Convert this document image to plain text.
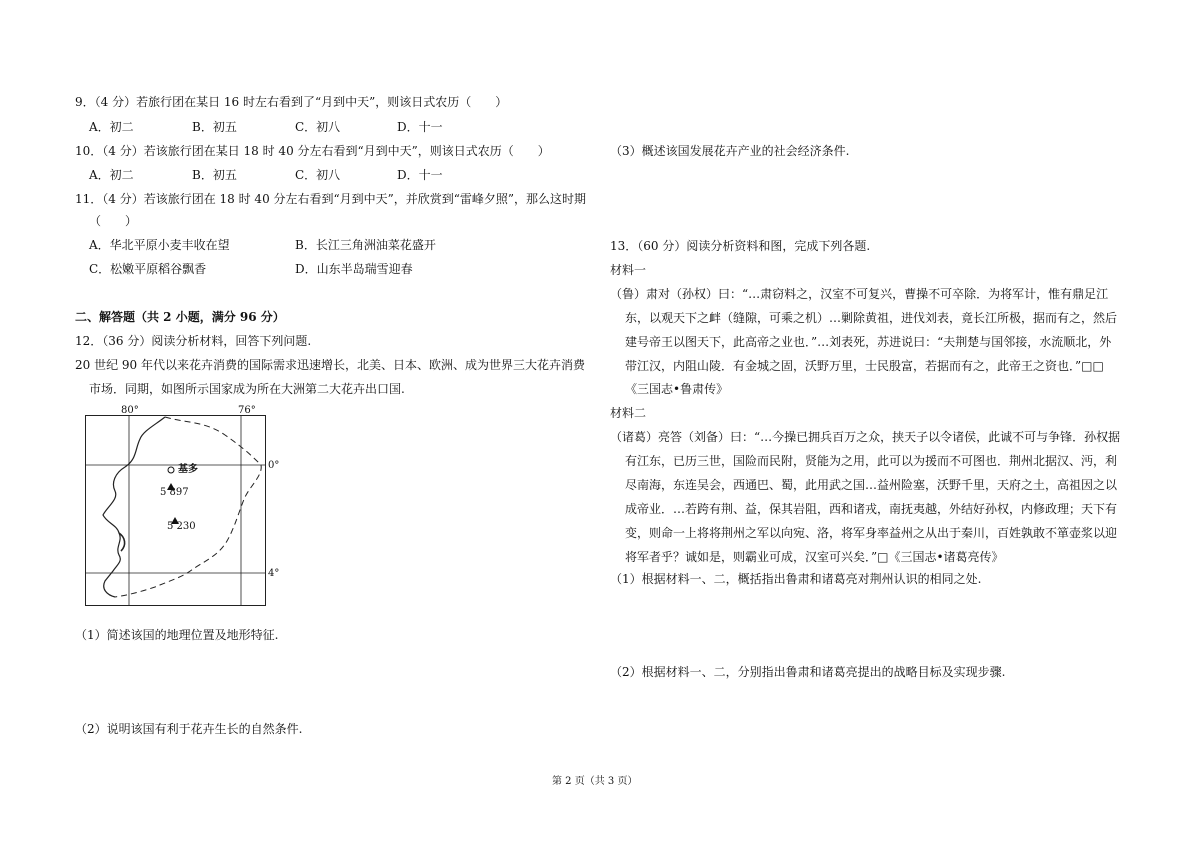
9．（4 分）若旅行团在某日 16 时左右看到了“月到中天”，则该日式农历（　　）
A．初二	B．初五	C．初八	D．十一
10．（4 分）若该旅行团在某日 18 时 40 分左右看到“月到中天”，则该日式农历（　　）
A．初二	B．初五	C．初八	D．十一
11．（4 分）若该旅行团在 18 时 40 分左右看到“月到中天”，并欣赏到“雷峰夕照”，那么这时期
（　　）
A．华北平原小麦丰收在望	B．长江三角洲油菜花盛开
C．松嫩平原稻谷飘香	D．山东半岛瑞雪迎春
二、解答题（共 2 小题，满分 96 分）
12．（36 分）阅读分析材料，回答下列问题.
20 世纪 90 年代以来花卉消费的国际需求迅速增长，北美、日本、欧洲、成为世界三大花卉消费
市场．同期，如图所示国家成为所在大洲第二大花卉出口国.
80°	76°
0°
4°
基多
5 897
5 230
（1）简述该国的地理位置及地形特征.
（2）说明该国有利于花卉生长的自然条件.
（3）概述该国发展花卉产业的社会经济条件.
13．（60 分）阅读分析资料和图，完成下列各题.
材料一
（鲁）肃对（孙权）曰：“…肃窃料之，汉室不可复兴，曹操不可卒除．为将军计，惟有鼎足江
东，以观天下之衅（缝隙，可乘之机）…剿除黄祖，进伐刘表，竟长江所极，据而有之，然后
建号帝王以图天下，此高帝之业也．”…刘表死，苏进说曰：“夫荆楚与国邻接，水流顺北，外
带江汉，内阻山陵．有金城之固，沃野万里，士民殷富，若据而有之，此帝王之资也．”□□
《三国志•鲁肃传》
材料二
（诸葛）亮答（刘备）曰：“…今操已拥兵百万之众，挟天子以令诸侯，此诚不可与争锋．孙权据
有江东，已历三世，国险而民附，贤能为之用，此可以为援而不可图也．荆州北据汉、沔，利
尽南海，东连吴会，西通巴、蜀，此用武之国…益州险塞，沃野千里，天府之土，高祖因之以
成帝业．…若跨有荆、益，保其岩阻，西和诸戎，南抚夷越，外结好孙权，内修政理；天下有
变，则命一上将将荆州之军以向宛、洛，将军身率益州之从出于秦川，百姓孰敢不箪壶浆以迎
将军者乎？诚如是，则霸业可成，汉室可兴矣．”□《三国志•诸葛亮传》
（1）根据材料一、二，概括指出鲁肃和诸葛亮对荆州认识的相同之处.
（2）根据材料一、二，分别指出鲁肃和诸葛亮提出的战略目标及实现步骤.
第 2 页（共 3 页）
